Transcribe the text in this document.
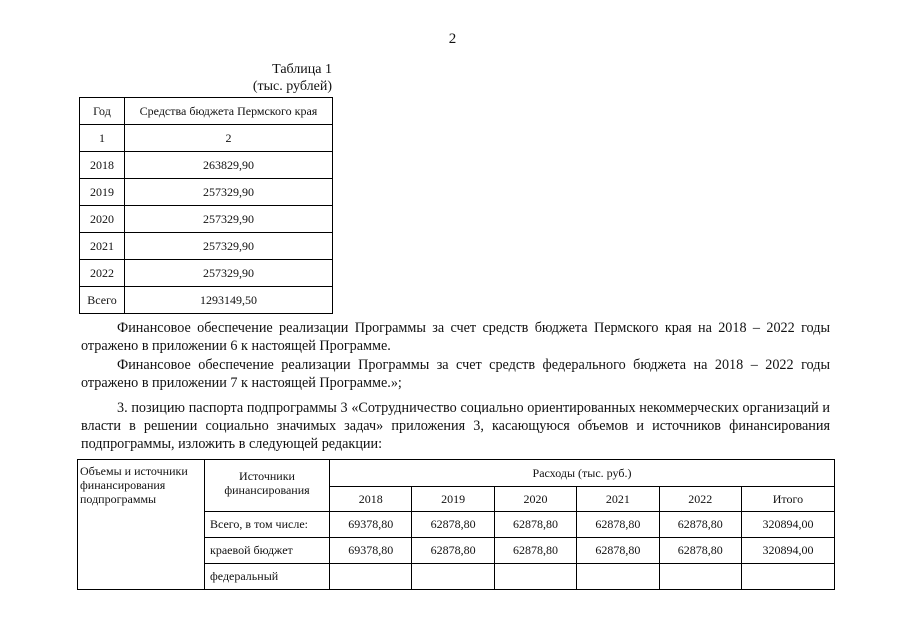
2
Таблица 1
(тыс. рублей)
Год	Средства бюджета Пермского края
1	2
2018	263829,90
2019	257329,90
2020	257329,90
2021	257329,90
2022	257329,90
Всего	1293149,50

Финансовое обеспечение реализации Программы за счет средств бюджета Пермского края на 2018 – 2022 годы отражено в приложении 6 к настоящей Программе.

Финансовое обеспечение реализации Программы за счет средств федерального бюджета на 2018 – 2022 годы отражено в приложении 7 к настоящей Программе.»;

3. позицию паспорта подпрограммы 3 «Сотрудничество социально ориентированных некоммерческих организаций и власти в решении социально значимых задач» приложения 3, касающуюся объемов и источников финансирования подпрограммы, изложить в следующей редакции:

Объемы и источники финансирования подпрограммы	Источники финансирования	Расходы (тыс. руб.)					
		2018	2019	2020	2021	2022	Итого
	Всего, в том числе:	69378,80	62878,80	62878,80	62878,80	62878,80	320894,00
	краевой бюджет	69378,80	62878,80	62878,80	62878,80	62878,80	320894,00
	федеральный						
